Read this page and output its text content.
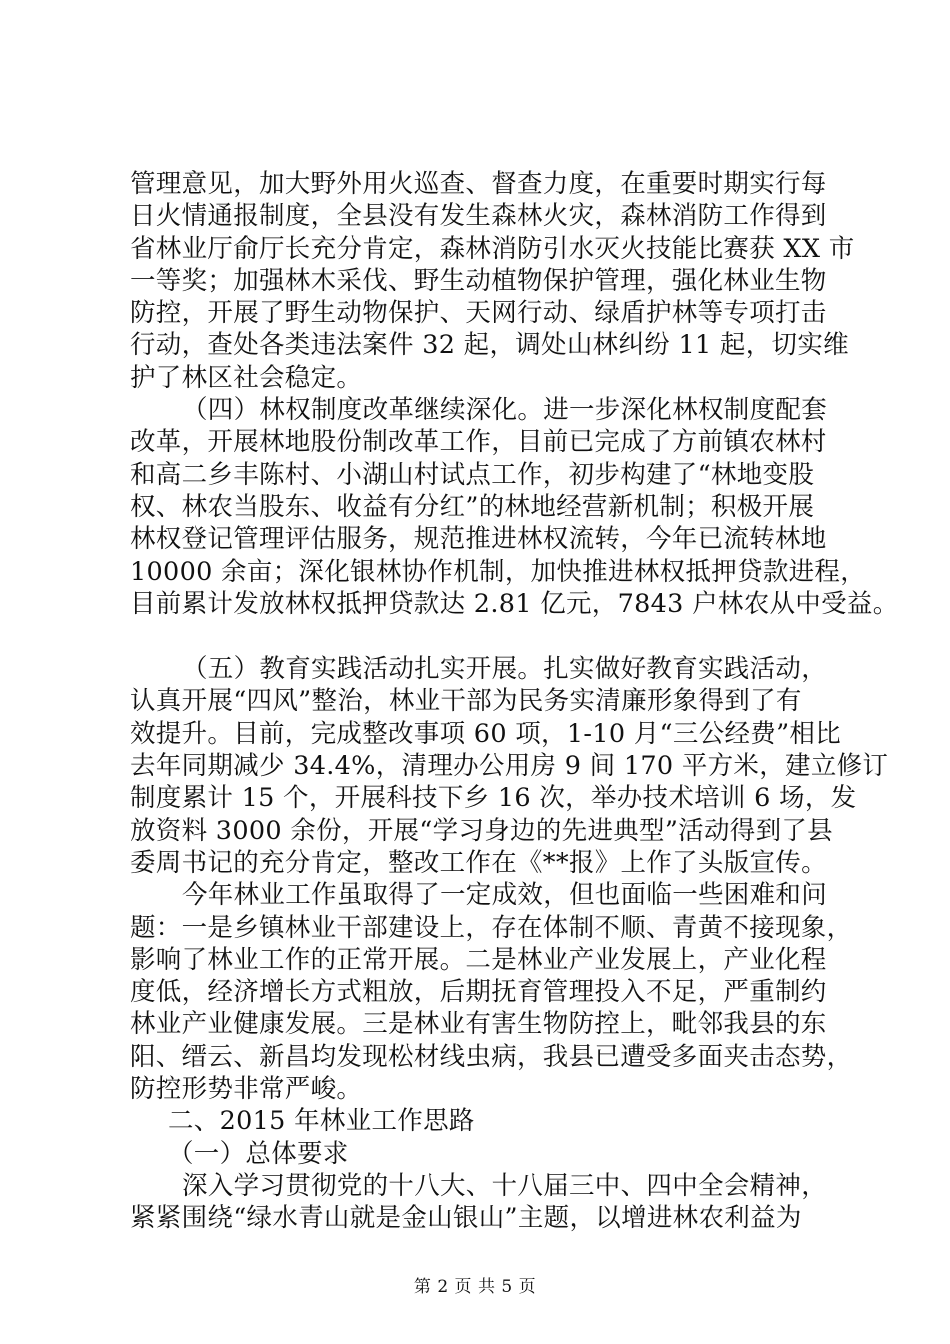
管理意见，加大野外用火巡查、督查力度，在重要时期实行每
日火情通报制度，全县没有发生森林火灾，森林消防工作得到
省林业厅俞厅长充分肯定，森林消防引水灭火技能比赛获 XX 市
一等奖；加强林木采伐、野生动植物保护管理，强化林业生物
防控，开展了野生动物保护、天网行动、绿盾护林等专项打击
行动，查处各类违法案件 32 起，调处山林纠纷 11 起，切实维
护了林区社会稳定。
（四）林权制度改革继续深化。进一步深化林权制度配套
改革，开展林地股份制改革工作，目前已完成了方前镇农林村
和高二乡丰陈村、小湖山村试点工作，初步构建了“林地变股
权、林农当股东、收益有分红”的林地经营新机制；积极开展
林权登记管理评估服务，规范推进林权流转，今年已流转林地
10000 余亩；深化银林协作机制，加快推进林权抵押贷款进程，
目前累计发放林权抵押贷款达 2.81 亿元，7843 户林农从中受益。
（五）教育实践活动扎实开展。扎实做好教育实践活动，
认真开展“四风”整治，林业干部为民务实清廉形象得到了有
效提升。目前，完成整改事项 60 项，1-10 月“三公经费”相比
去年同期减少 34.4%，清理办公用房 9 间 170 平方米，建立修订
制度累计 15 个，开展科技下乡 16 次，举办技术培训 6 场，发
放资料 3000 余份，开展“学习身边的先进典型”活动得到了县
委周书记的充分肯定，整改工作在《**报》上作了头版宣传。
今年林业工作虽取得了一定成效，但也面临一些困难和问
题：一是乡镇林业干部建设上，存在体制不顺、青黄不接现象，
影响了林业工作的正常开展。二是林业产业发展上，产业化程
度低，经济增长方式粗放，后期抚育管理投入不足，严重制约
林业产业健康发展。三是林业有害生物防控上，毗邻我县的东
阳、缙云、新昌均发现松材线虫病，我县已遭受多面夹击态势，
防控形势非常严峻。
二、2015 年林业工作思路
（一）总体要求
深入学习贯彻党的十八大、十八届三中、四中全会精神，
紧紧围绕“绿水青山就是金山银山”主题，以增进林农利益为
第 2 页 共 5 页
